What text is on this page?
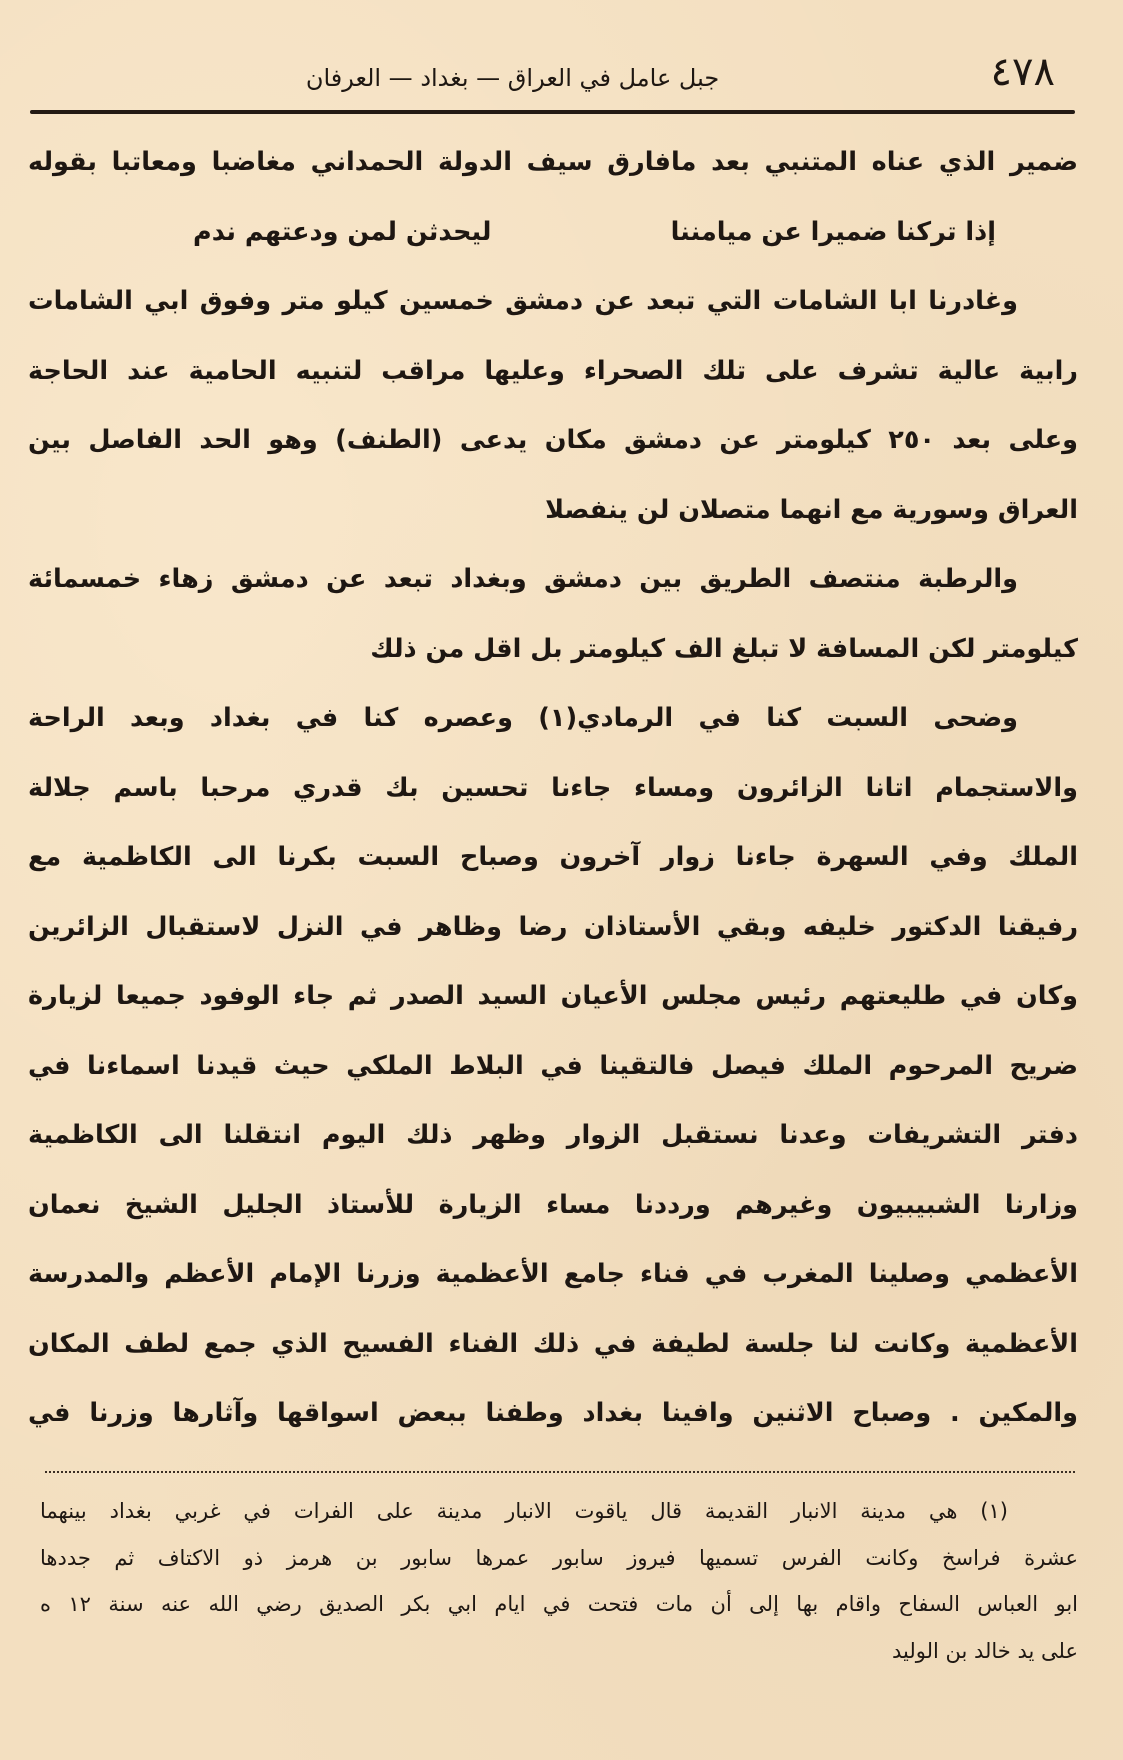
٤٧٨
جبل عامل في العراق — بغداد — العرفان
ضمير الذي عناه المتنبي بعد مافارق سيف الدولة الحمداني مغاضبا ومعاتبا بقوله
إذا تركنا ضميرا عن ميامننا
ليحدثن لمن ودعتهم ندم
وغادرنا ابا الشامات التي تبعد عن دمشق خمسين كيلو متر وفوق ابي الشامات
رابية عالية تشرف على تلك الصحراء وعليها مراقب لتنبيه الحامية عند الحاجة
وعلى بعد ٢٥٠ كيلومتر عن دمشق مكان يدعى (الطنف) وهو الحد الفاصل بين
العراق وسورية مع انهما متصلان لن ينفصلا
والرطبة منتصف الطريق بين دمشق وبغداد تبعد عن دمشق زهاء خمسمائة
كيلومتر لكن المسافة لا تبلغ الف كيلومتر بل اقل من ذلك
وضحى السبت كنا في الرمادي(١) وعصره كنا في بغداد وبعد الراحة
والاستجمام اتانا الزائرون ومساء جاءنا تحسين بك قدري مرحبا باسم جلالة
الملك وفي السهرة جاءنا زوار آخرون وصباح السبت بكرنا الى الكاظمية مع
رفيقنا الدكتور خليفه وبقي الأستاذان رضا وظاهر في النزل لاستقبال الزائرين
وكان في طليعتهم رئيس مجلس الأعيان السيد الصدر ثم جاء الوفود جميعا لزيارة
ضريح المرحوم الملك فيصل فالتقينا في البلاط الملكي حيث قيدنا اسماءنا في
دفتر التشريفات وعدنا نستقبل الزوار وظهر ذلك اليوم انتقلنا الى الكاظمية
وزارنا الشبيبيون وغيرهم ورددنا مساء الزيارة للأستاذ الجليل الشيخ نعمان
الأعظمي وصلينا المغرب في فناء جامع الأعظمية وزرنا الإمام الأعظم والمدرسة
الأعظمية وكانت لنا جلسة لطيفة في ذلك الفناء الفسيح الذي جمع لطف المكان
والمكين . وصباح الاثنين وافينا بغداد وطفنا ببعض اسواقها وآثارها وزرنا في
(١) هي مدينة الانبار القديمة قال ياقوت الانبار مدينة على الفرات في غربي بغداد بينهما
عشرة فراسخ وكانت الفرس تسميها فيروز سابور عمرها سابور بن هرمز ذو الاكتاف ثم جددها
ابو العباس السفاح واقام بها إلى أن مات فتحت في ايام ابي بكر الصديق رضي الله عنه سنة ١٢ ه
على يد خالد بن الوليد
